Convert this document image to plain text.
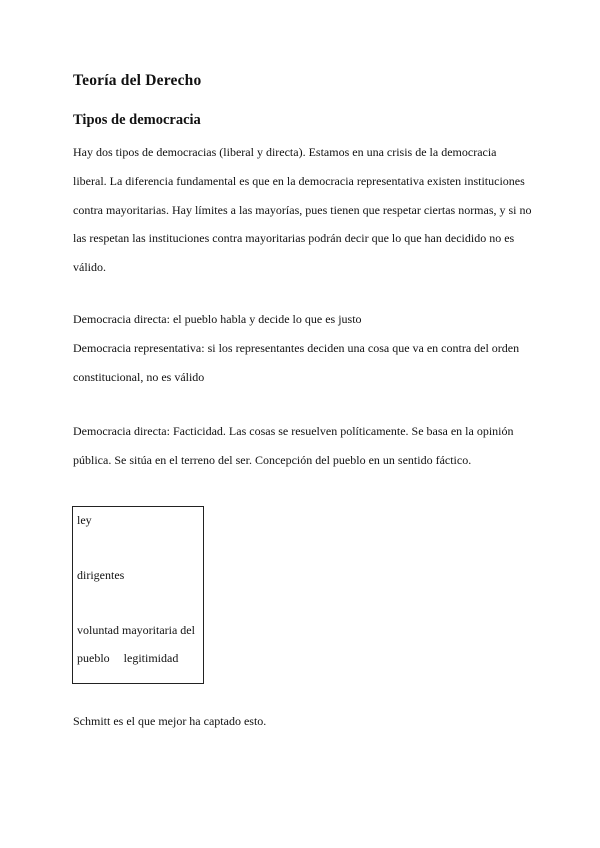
Teoría del Derecho
Tipos de democracia

Hay dos tipos de democracias (liberal y directa). Estamos en una crisis de la democracia liberal. La diferencia fundamental es que en la democracia representativa existen instituciones contra mayoritarias. Hay límites a las mayorías, pues tienen que respetar ciertas normas, y si no las respetan las instituciones contra mayoritarias podrán decir que lo que han decidido no es válido.

Democracia directa: el pueblo habla y decide lo que es justo

Democracia representativa: si los representantes deciden una cosa que va en contra del orden constitucional, no es válido

Democracia directa: Facticidad. Las cosas se resuelven políticamente. Se basa en la opinión pública. Se sitúa en el terreno del ser. Concepción del pueblo en un sentido fáctico.

ley

dirigentes

voluntad mayoritaria del

pueblo legitimidad

Schmitt es el que mejor ha captado esto.
